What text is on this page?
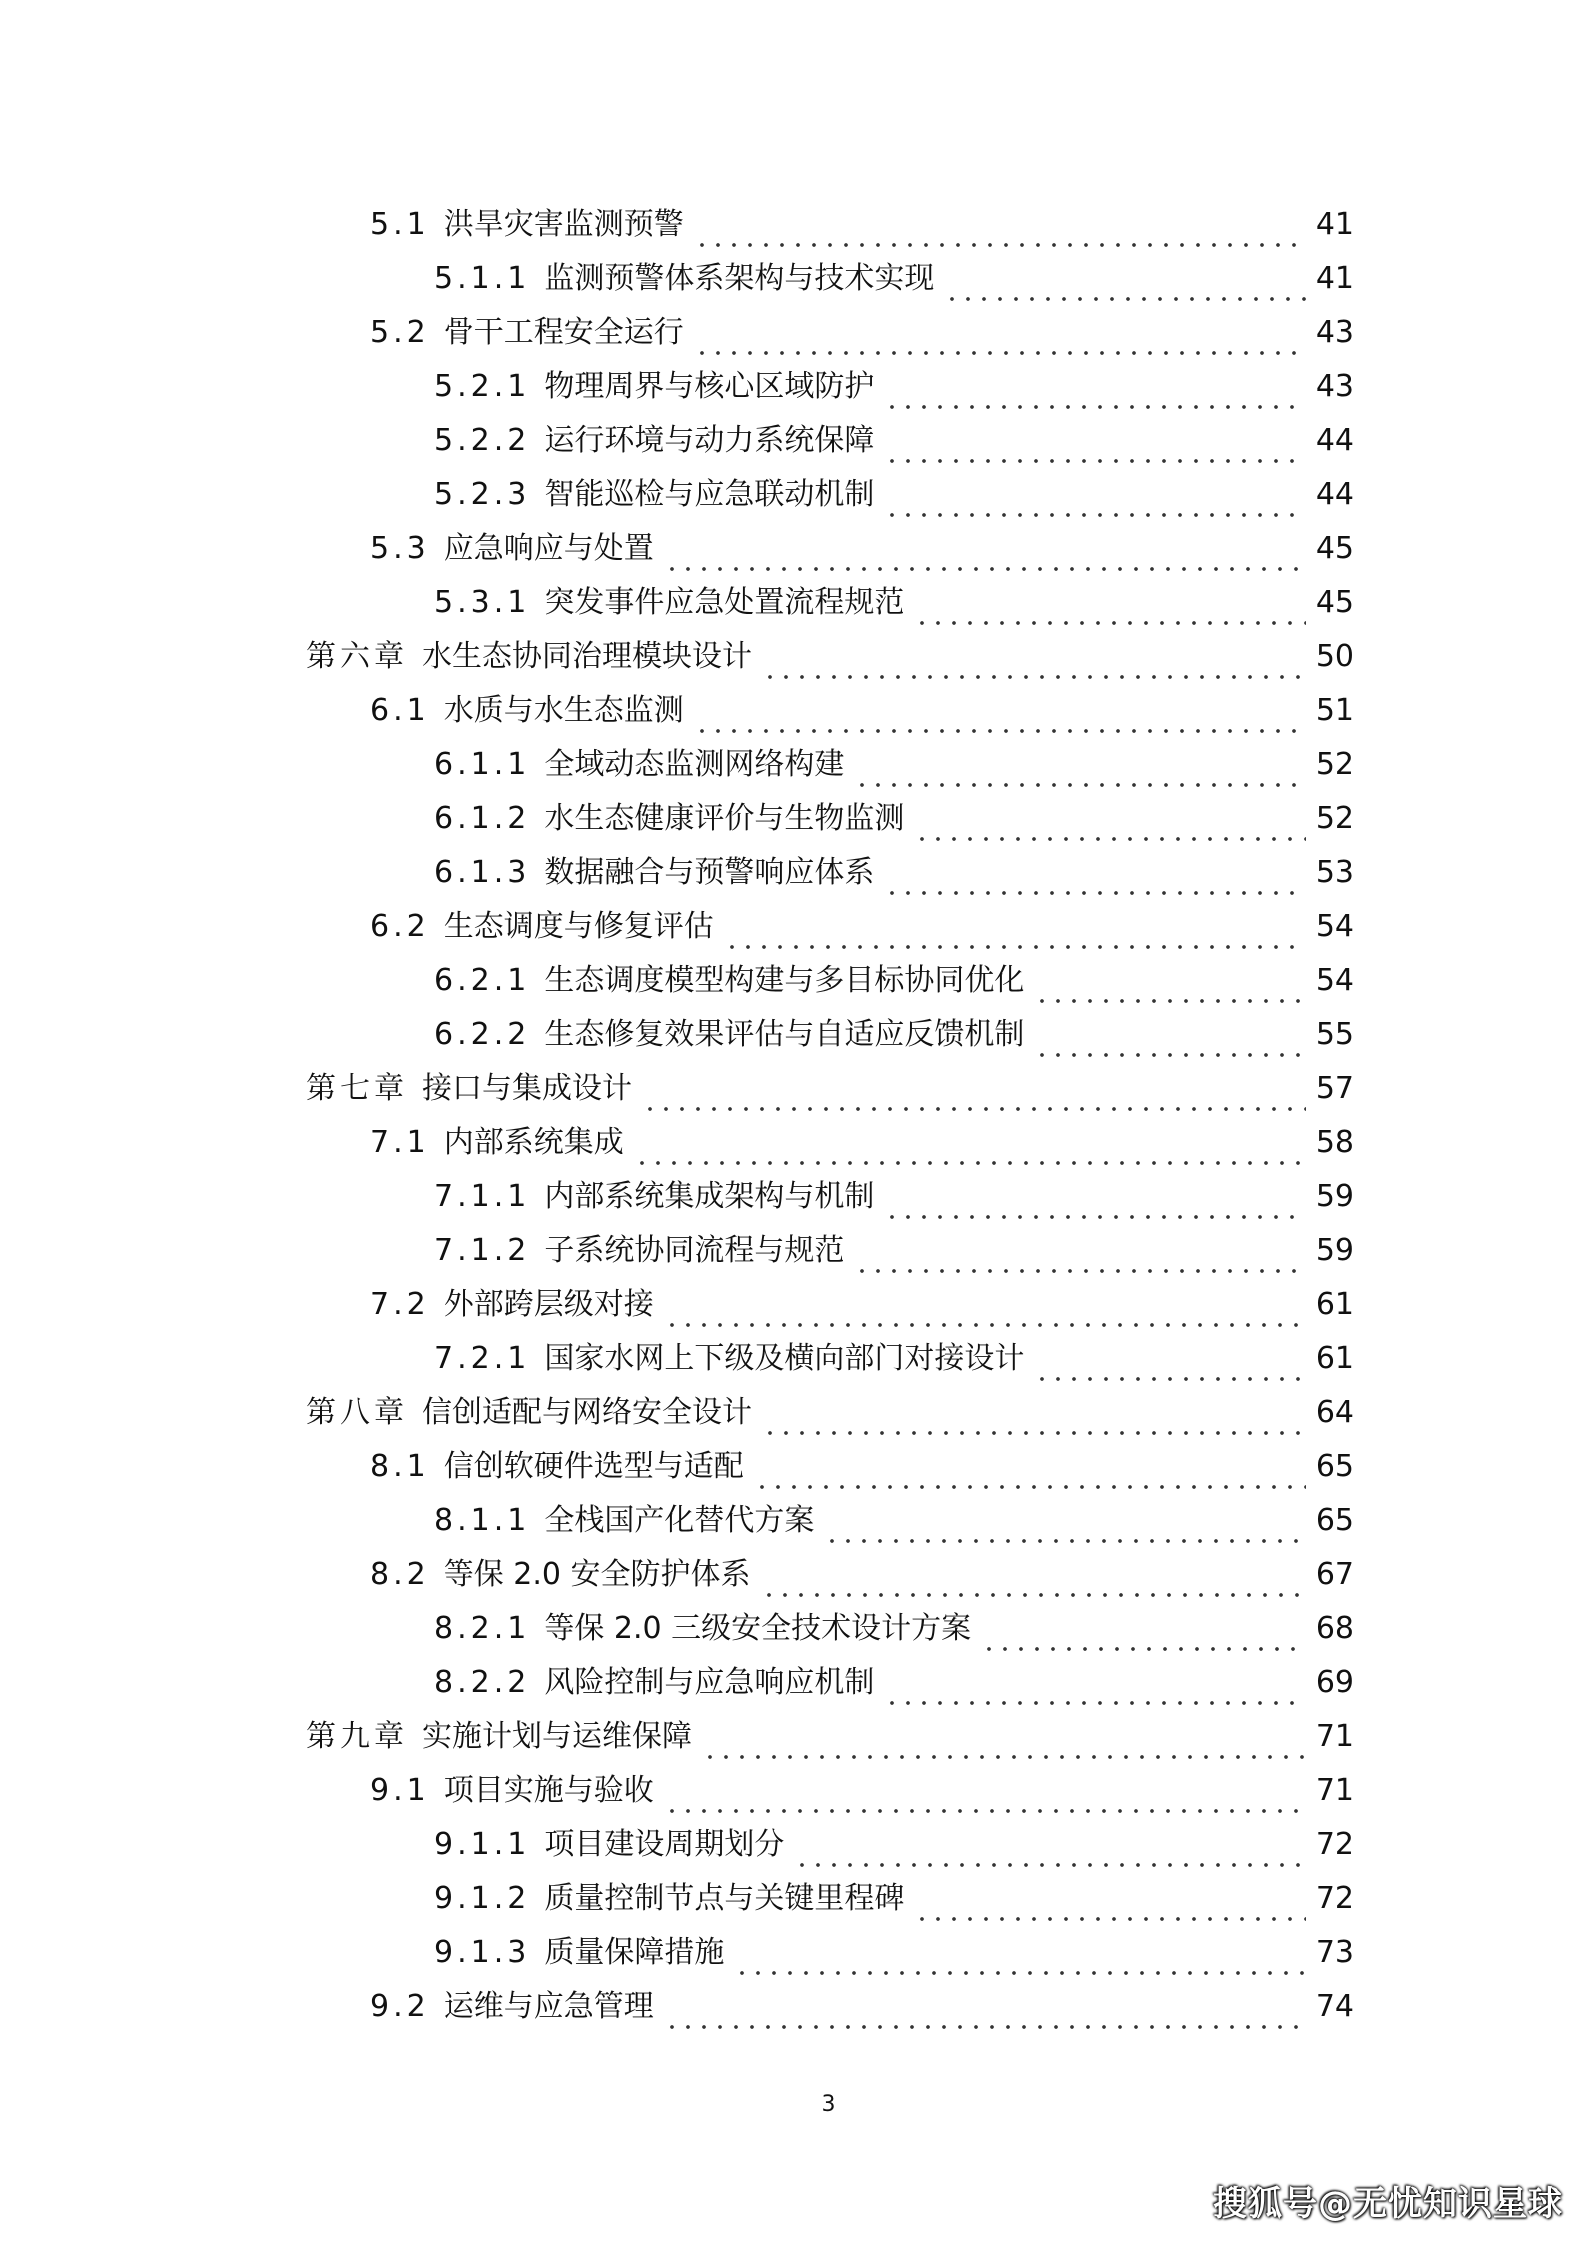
5.1 洪旱灾害监测预警	41
5.1.1 监测预警体系架构与技术实现	41
5.2 骨干工程安全运行	43
5.2.1 物理周界与核心区域防护	43
5.2.2 运行环境与动力系统保障	44
5.2.3 智能巡检与应急联动机制	44
5.3 应急响应与处置	45
5.3.1 突发事件应急处置流程规范	45
第六章 水生态协同治理模块设计	50
6.1 水质与水生态监测	51
6.1.1 全域动态监测网络构建	52
6.1.2 水生态健康评价与生物监测	52
6.1.3 数据融合与预警响应体系	53
6.2 生态调度与修复评估	54
6.2.1 生态调度模型构建与多目标协同优化	54
6.2.2 生态修复效果评估与自适应反馈机制	55
第七章 接口与集成设计	57
7.1 内部系统集成	58
7.1.1 内部系统集成架构与机制	59
7.1.2 子系统协同流程与规范	59
7.2 外部跨层级对接	61
7.2.1 国家水网上下级及横向部门对接设计	61
第八章 信创适配与网络安全设计	64
8.1 信创软硬件选型与适配	65
8.1.1 全栈国产化替代方案	65
8.2 等保 2.0 安全防护体系	67
8.2.1 等保 2.0 三级安全技术设计方案	68
8.2.2 风险控制与应急响应机制	69
第九章 实施计划与运维保障	71
9.1 项目实施与验收	71
9.1.1 项目建设周期划分	72
9.1.2 质量控制节点与关键里程碑	72
9.1.3 质量保障措施	73
9.2 运维与应急管理	74
3
搜狐号@无忧知识星球
